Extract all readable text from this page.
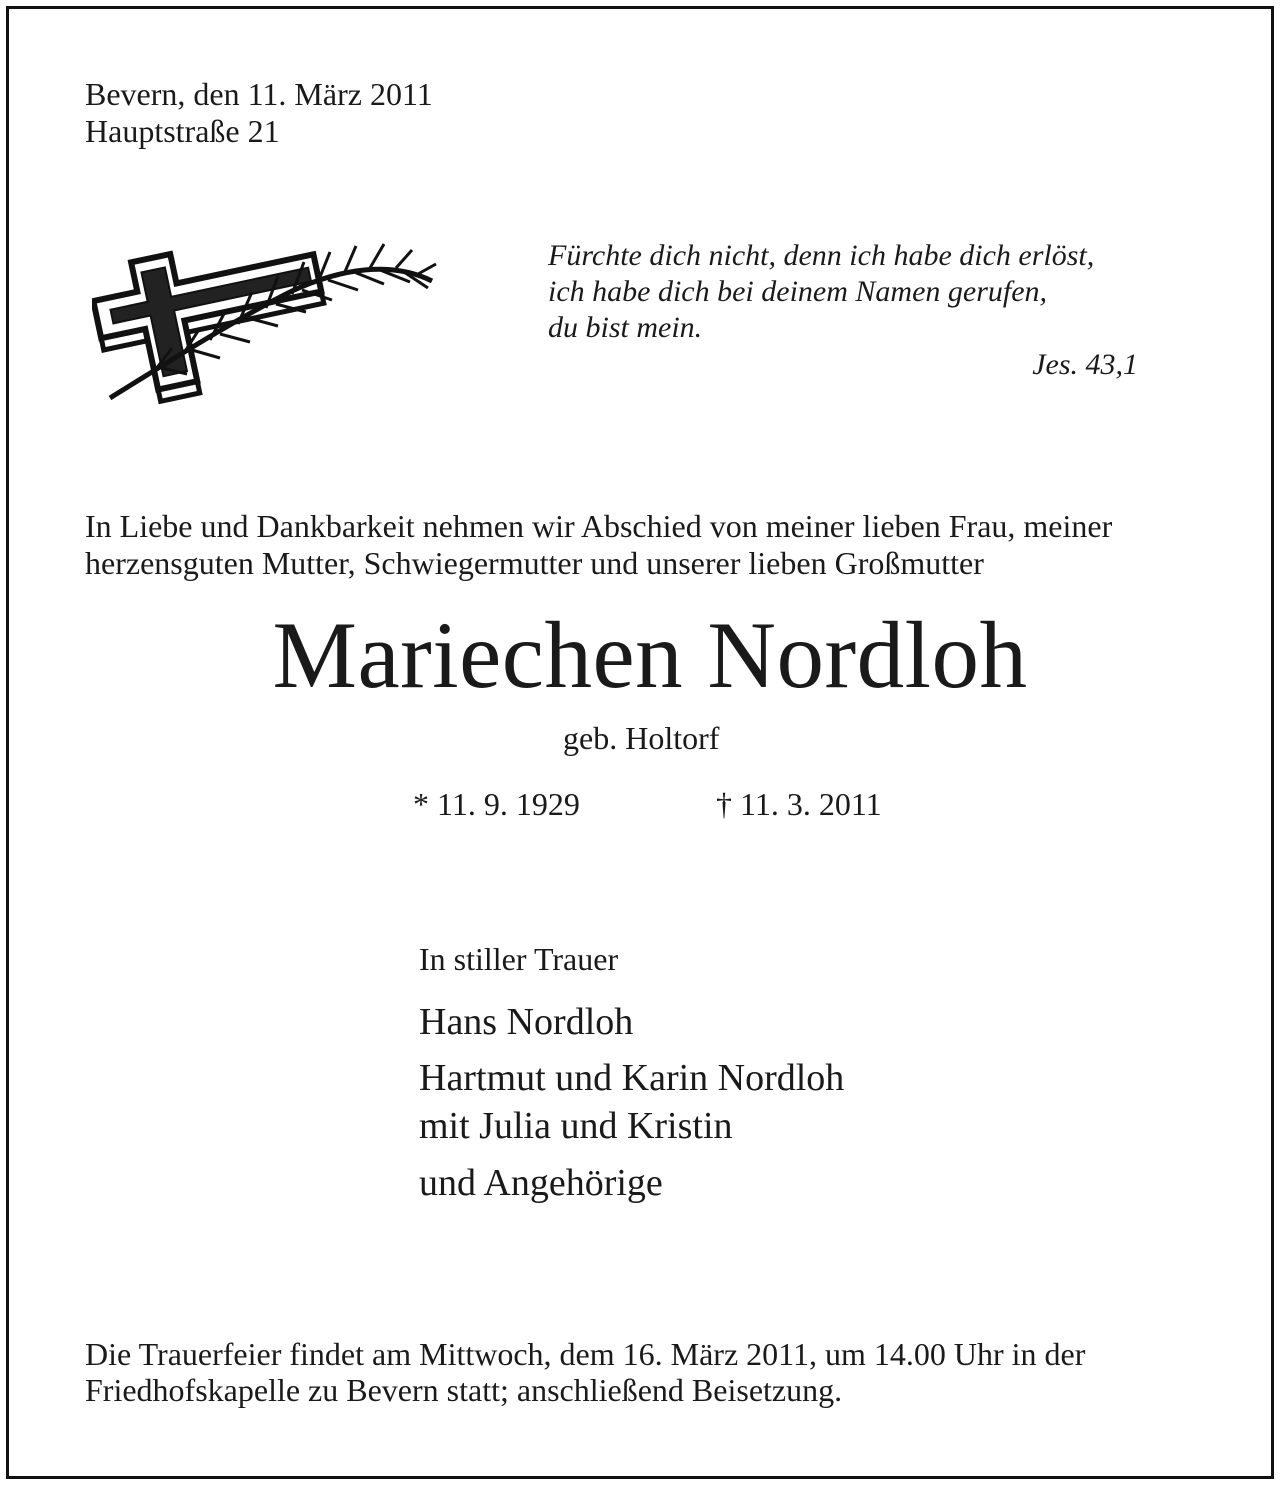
Bevern, den 11. März 2011
Hauptstraße 21
Fürchte dich nicht, denn ich habe dich erlöst,
ich habe dich bei deinem Namen gerufen,
du bist mein.
Jes. 43,1
In Liebe und Dankbarkeit nehmen wir Abschied von meiner lieben Frau, meiner
herzensguten Mutter, Schwiegermutter und unserer lieben Großmutter
Mariechen Nordloh
geb. Holtorf
* 11. 9. 1929	† 11. 3. 2011
In stiller Trauer
Hans Nordloh
Hartmut und Karin Nordloh
mit Julia und Kristin
und Angehörige
Die Trauerfeier findet am Mittwoch, dem 16. März 2011, um 14.00 Uhr in der
Friedhofskapelle zu Bevern statt; anschließend Beisetzung.
